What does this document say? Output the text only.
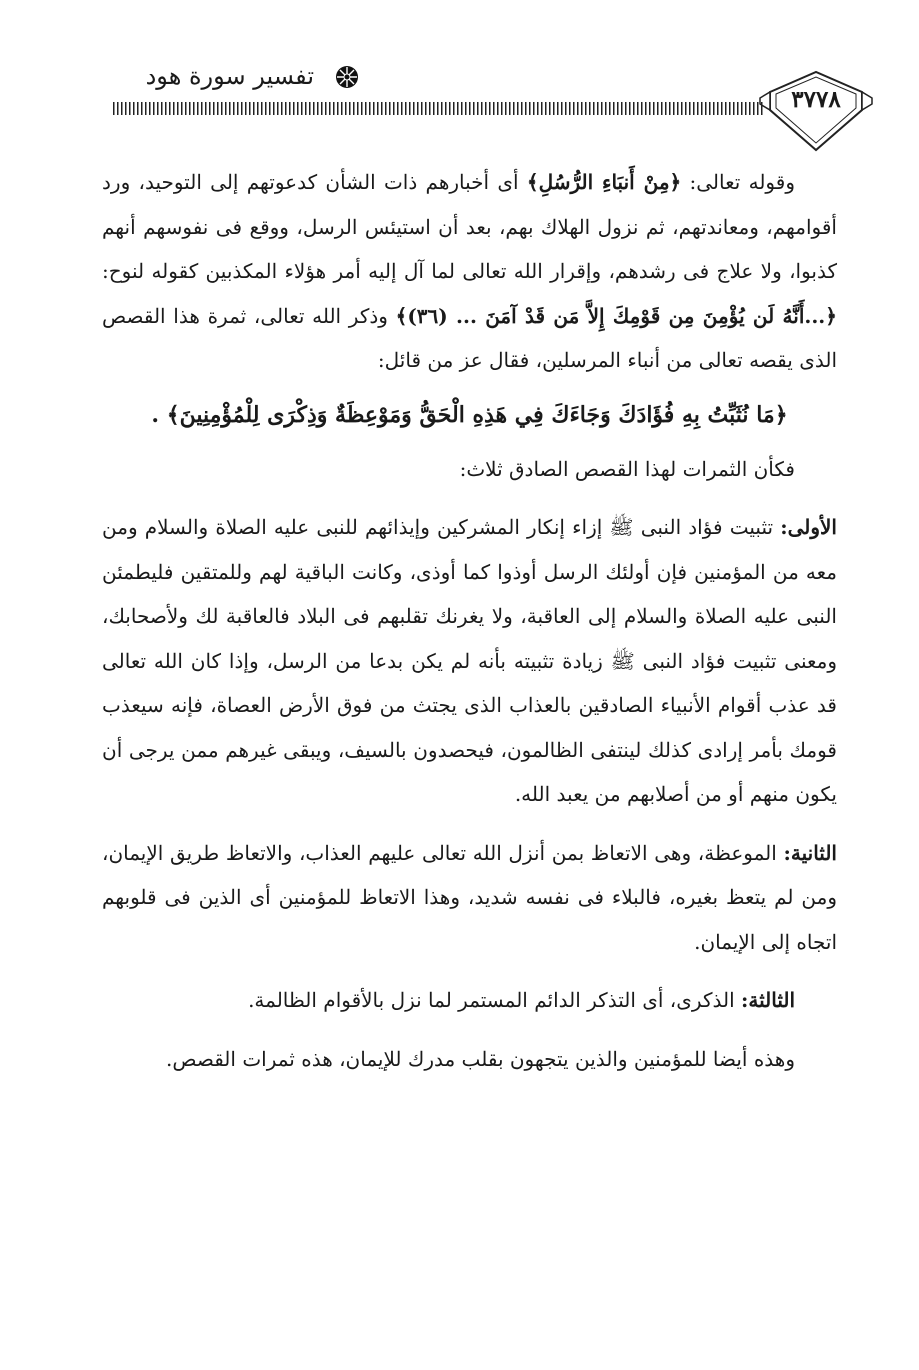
٣٧٧٨
تفسير سورة هود

وقوله تعالى: ﴿مِنْ أَنبَاءِ الرُّسُلِ﴾ أى أخبارهم ذات الشأن كدعوتهم إلى التوحيد، ورد أقوامهم، ومعاندتهم، ثم نزول الهلاك بهم، بعد أن استيئس الرسل، ووقع فى نفوسهم أنهم كذبوا، ولا علاج فى رشدهم، وإقرار الله تعالى لما آل إليه أمر هؤلاء المكذبين كقوله لنوح: ﴿...أَنَّهُ لَن يُؤْمِنَ مِن قَوْمِكَ إِلاَّ مَن قَدْ آمَنَ ... (٣٦)﴾ وذكر الله تعالى، ثمرة هذا القصص الذى يقصه تعالى من أنباء المرسلين، فقال عز من قائل:

﴿مَا نُثَبِّتُ بِهِ فُؤَادَكَ وَجَاءَكَ فِي هَذِهِ الْحَقُّ وَمَوْعِظَةٌ وَذِكْرَى لِلْمُؤْمِنِينَ﴾ .

فكأن الثمرات لهذا القصص الصادق ثلاث:

الأولى: تثبيت فؤاد النبى ﷺ إزاء إنكار المشركين وإيذائهم للنبى عليه الصلاة والسلام ومن معه من المؤمنين فإن أولئك الرسل أوذوا كما أوذى، وكانت الباقية لهم وللمتقين فليطمئن النبى عليه الصلاة والسلام إلى العاقبة، ولا يغرنك تقلبهم فى البلاد فالعاقبة لك ولأصحابك، ومعنى تثبيت فؤاد النبى ﷺ زيادة تثبيته بأنه لم يكن بدعا من الرسل، وإذا كان الله تعالى قد عذب أقوام الأنبياء الصادقين بالعذاب الذى يجتث من فوق الأرض العصاة، فإنه سيعذب قومك بأمر إرادى كذلك لينتفى الظالمون، فيحصدون بالسيف، ويبقى غيرهم ممن يرجى أن يكون منهم أو من أصلابهم من يعبد الله.

الثانية: الموعظة، وهى الاتعاظ بمن أنزل الله تعالى عليهم العذاب، والاتعاظ طريق الإيمان، ومن لم يتعظ بغيره، فالبلاء فى نفسه شديد، وهذا الاتعاظ للمؤمنين أى الذين فى قلوبهم اتجاه إلى الإيمان.

الثالثة: الذكرى، أى التذكر الدائم المستمر لما نزل بالأقوام الظالمة.

وهذه أيضا للمؤمنين والذين يتجهون بقلب مدرك للإيمان، هذه ثمرات القصص.
